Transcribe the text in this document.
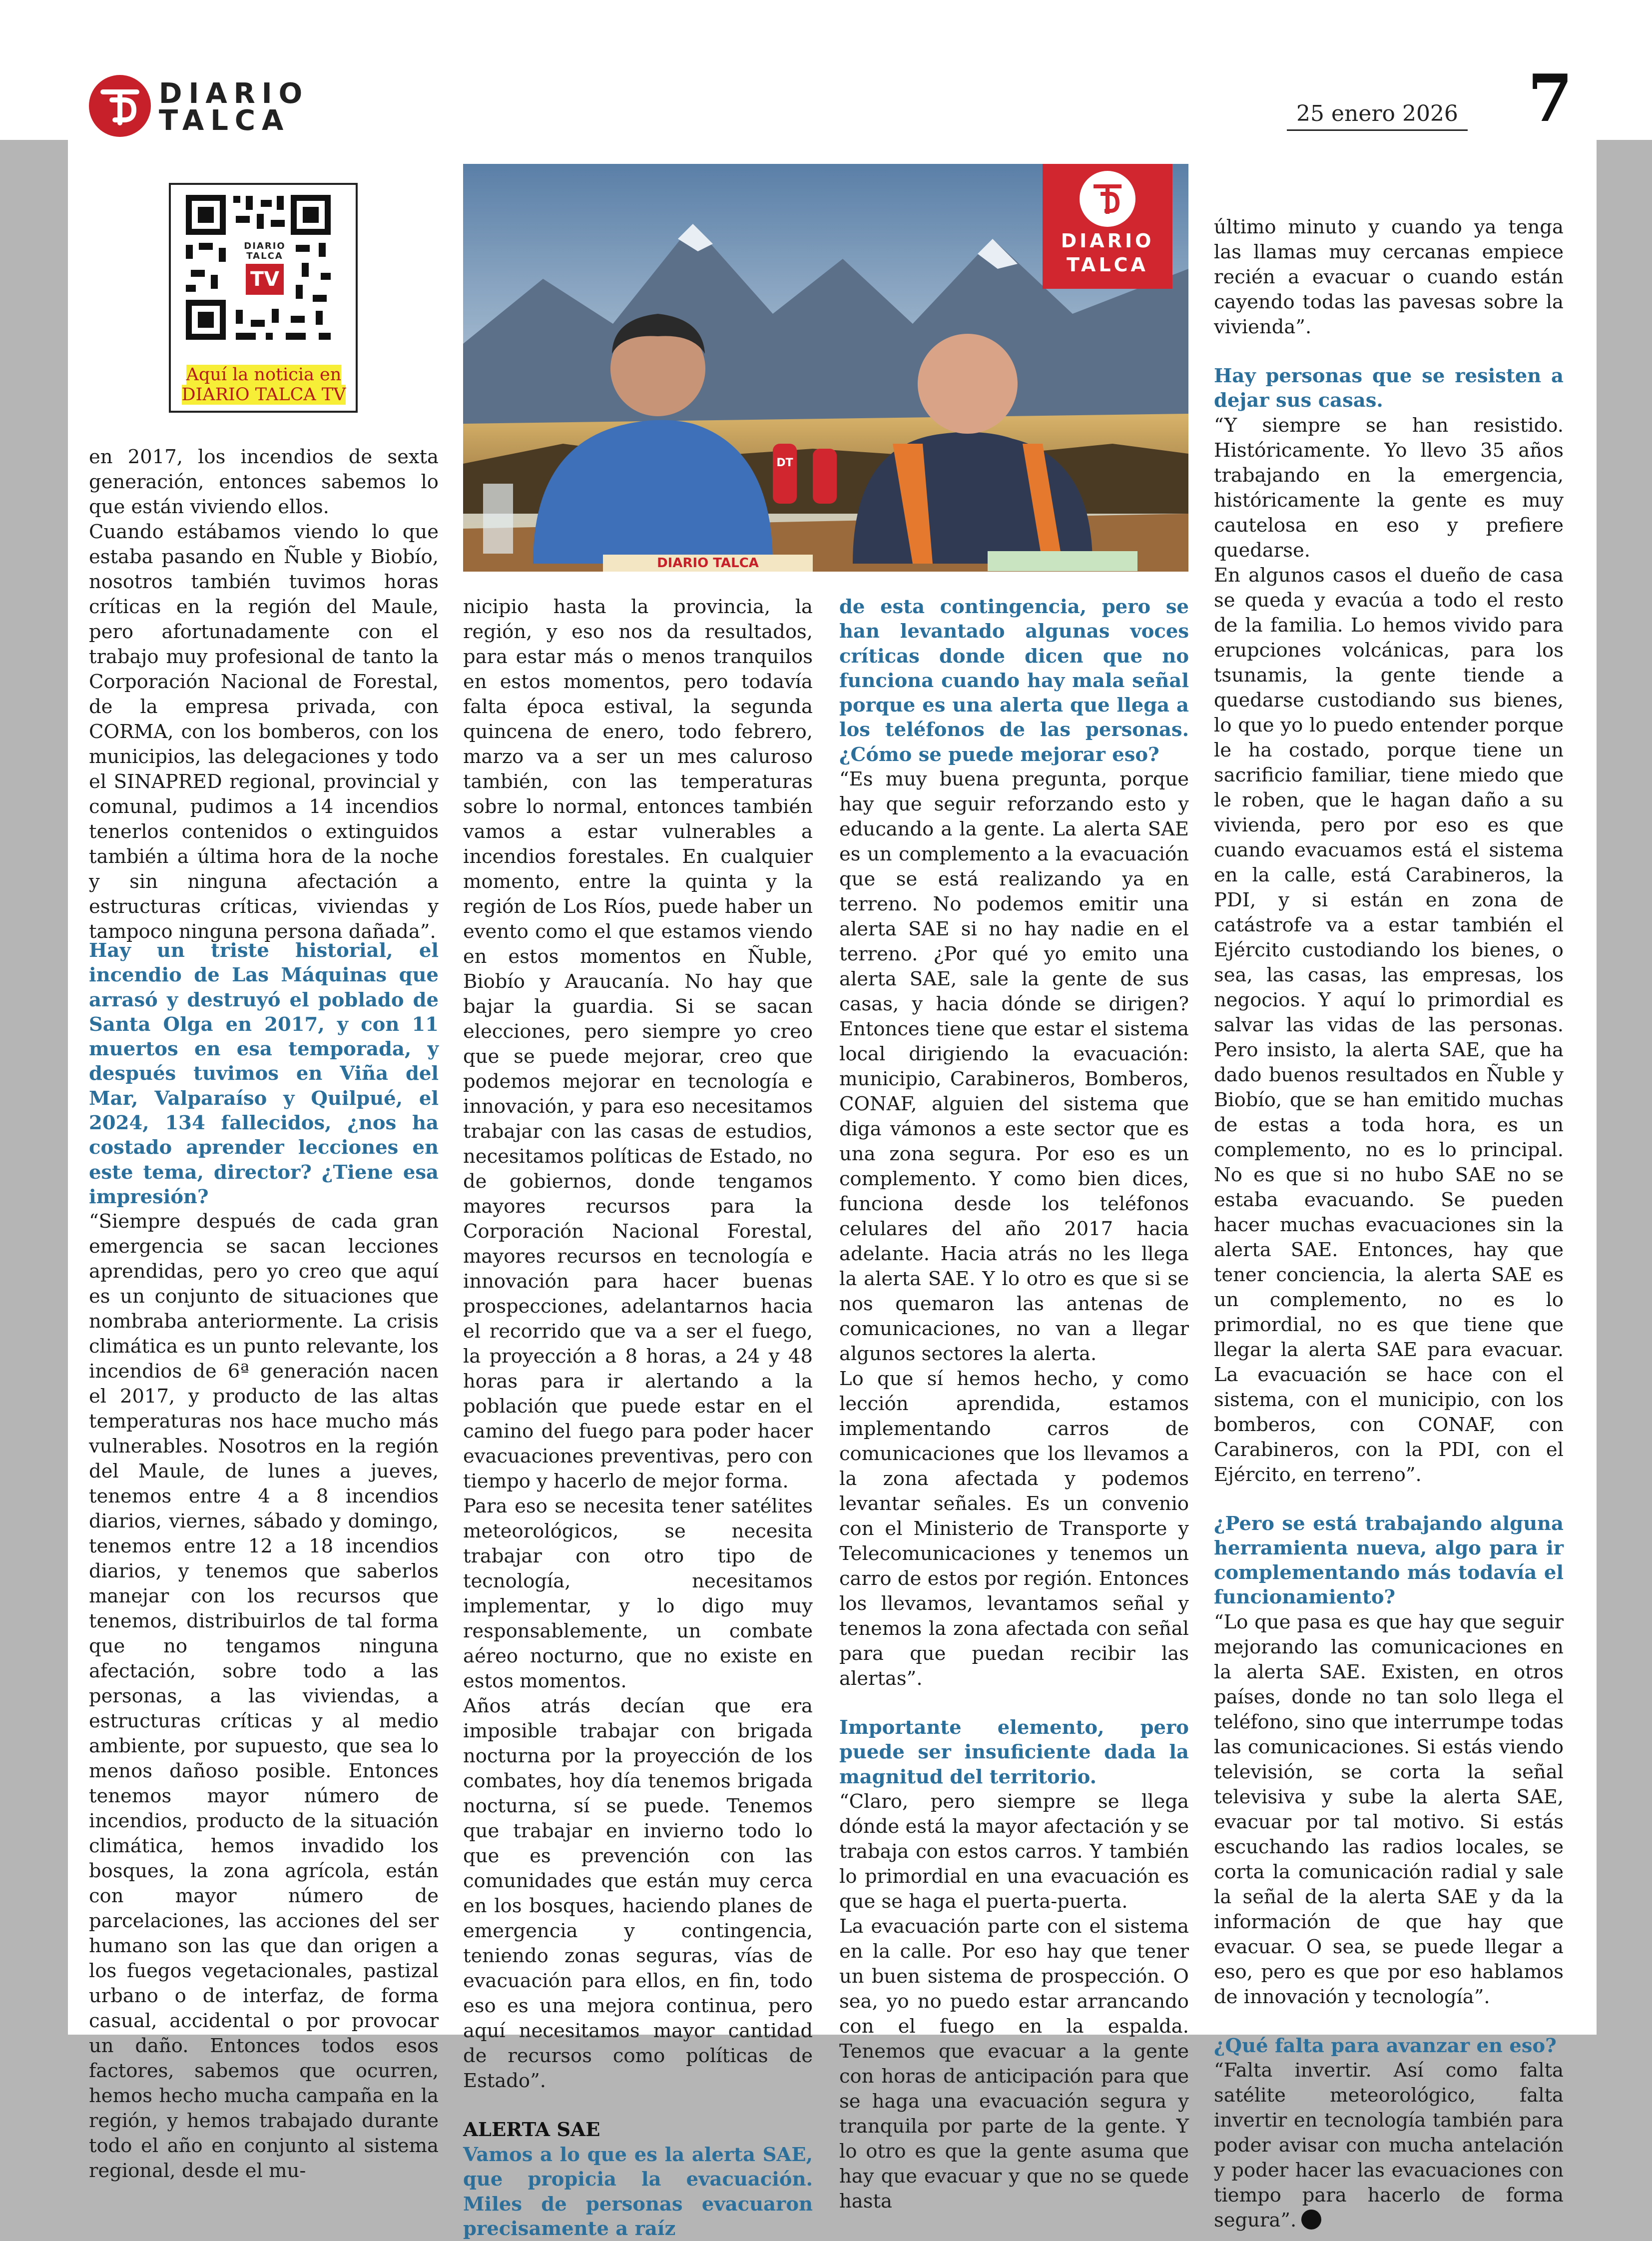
DIARIO
TALCA	25 enero 2026 7
DIARIO
TALCA
TV
Aquí la noticia en
DIARIO TALCA TV
DIARIO
TALCA
DT
DIARIO TALCA

en 2017, los incendios de sexta generación, entonces sabemos lo que están viviendo ellos.

Cuando estábamos viendo lo que estaba pasando en Ñuble y Biobío, nosotros también tuvimos horas críticas en la región del Maule, pero afortunadamente con el trabajo muy profesional de tanto la Corporación Nacional de Forestal, de la empresa privada, con CORMA, con los bomberos, con los municipios, las delegaciones y todo el SINAPRED regional, provincial y comunal, pudimos a 14 incendios tenerlos contenidos o extinguidos también a última hora de la noche y sin ninguna afectación a estructuras críticas, viviendas y tampoco ninguna persona dañada”.

Hay un triste historial, el incendio de Las Máquinas que arrasó y destruyó el poblado de Santa Olga en 2017, y con 11 muertos en esa temporada, y después tuvimos en Viña del Mar, Valparaíso y Quilpué, el 2024, 134 fallecidos, ¿nos ha costado aprender lecciones en este tema, director? ¿Tiene esa impresión?

“Siempre después de cada gran emergencia se sacan lecciones aprendidas, pero yo creo que aquí es un conjunto de situaciones que nombraba anteriormente. La crisis climática es un punto relevante, los incendios de 6ª generación nacen el 2017, y producto de las altas temperaturas nos hace mucho más vulnerables. Nosotros en la región del Maule, de lunes a jueves, tenemos entre 4 a 8 incendios diarios, viernes, sábado y domingo, tenemos entre 12 a 18 incendios diarios, y tenemos que saberlos manejar con los recursos que tenemos, distribuirlos de tal forma que no tengamos ninguna afectación, sobre todo a las personas, a las viviendas, a estructuras críticas y al medio ambiente, por supuesto, que sea lo menos dañoso posible. Entonces tenemos mayor número de incendios, producto de la situación climática, hemos invadido los bosques, la zona agrícola, están con mayor número de parcelaciones, las acciones del ser humano son las que dan origen a los fuegos vegetacionales, pastizal urbano o de interfaz, de forma casual, accidental o por provocar un daño. Entonces todos esos factores, sabemos que ocurren, hemos hecho mucha campaña en la región, y hemos trabajado durante todo el año en conjunto al sistema regional, desde el mu-

nicipio hasta la provincia, la región, y eso nos da resultados, para estar más o menos tranquilos en estos momentos, pero todavía falta época estival, la segunda quincena de enero, todo febrero, marzo va a ser un mes caluroso también, con las temperaturas sobre lo normal, entonces también vamos a estar vulnerables a incendios forestales. En cualquier momento, entre la quinta y la región de Los Ríos, puede haber un evento como el que estamos viendo en estos momentos en Ñuble, Biobío y Araucanía. No hay que bajar la guardia. Si se sacan elecciones, pero siempre yo creo que se puede mejorar, creo que podemos mejorar en tecnología e innovación, y para eso necesitamos trabajar con las casas de estudios, necesitamos políticas de Estado, no de gobiernos, donde tengamos mayores recursos para la Corporación Nacional Forestal, mayores recursos en tecnología e innovación para hacer buenas prospecciones, adelantarnos hacia el recorrido que va a ser el fuego, la proyección a 8 horas, a 24 y 48 horas para ir alertando a la población que puede estar en el camino del fuego para poder hacer evacuaciones preventivas, pero con tiempo y hacerlo de mejor forma.

Para eso se necesita tener satélites meteorológicos, se necesita trabajar con otro tipo de tecnología, necesitamos implementar, y lo digo muy responsablemente, un combate aéreo nocturno, que no existe en estos momentos.

Años atrás decían que era imposible trabajar con brigada nocturna por la proyección de los combates, hoy día tenemos brigada nocturna, sí se puede. Tenemos que trabajar en invierno todo lo que es prevención con las comunidades que están muy cerca en los bosques, haciendo planes de emergencia y contingencia, teniendo zonas seguras, vías de evacuación para ellos, en fin, todo eso es una mejora continua, pero aquí necesitamos mayor cantidad de recursos como políticas de Estado”.

ALERTA SAE

Vamos a lo que es la alerta SAE, que propicia la evacuación. Miles de personas evacuaron precisamente a raíz

de esta contingencia, pero se han levantado algunas voces críticas donde dicen que no funciona cuando hay mala señal porque es una alerta que llega a los teléfonos de las personas. ¿Cómo se puede mejorar eso?

“Es muy buena pregunta, porque hay que seguir reforzando esto y educando a la gente. La alerta SAE es un complemento a la evacuación que se está realizando ya en terreno. No podemos emitir una alerta SAE si no hay nadie en el terreno. ¿Por qué yo emito una alerta SAE, sale la gente de sus casas, y hacia dónde se dirigen? Entonces tiene que estar el sistema local dirigiendo la evacuación: municipio, Carabineros, Bomberos, CONAF, alguien del sistema que diga vámonos a este sector que es una zona segura. Por eso es un complemento. Y como bien dices, funciona desde los teléfonos celulares del año 2017 hacia adelante. Hacia atrás no les llega la alerta SAE. Y lo otro es que si se nos quemaron las antenas de comunicaciones, no van a llegar algunos sectores la alerta.

Lo que sí hemos hecho, y como lección aprendida, estamos implementando carros de comunicaciones que los llevamos a la zona afectada y podemos levantar señales. Es un convenio con el Ministerio de Transporte y Telecomunicaciones y tenemos un carro de estos por región. Entonces los llevamos, levantamos señal y tenemos la zona afectada con señal para que puedan recibir las alertas”.

Importante elemento, pero puede ser insuficiente dada la magnitud del territorio.

“Claro, pero siempre se llega dónde está la mayor afectación y se trabaja con estos carros. Y también lo primordial en una evacuación es que se haga el puerta-puerta.

La evacuación parte con el sistema en la calle. Por eso hay que tener un buen sistema de prospección. O sea, yo no puedo estar arrancando con el fuego en la espalda. Tenemos que evacuar a la gente con horas de anticipación para que se haga una evacuación segura y tranquila por parte de la gente. Y lo otro es que la gente asuma que hay que evacuar y que no se quede hasta

último minuto y cuando ya tenga las llamas muy cercanas empiece recién a evacuar o cuando están cayendo todas las pavesas sobre la vivienda”.

Hay personas que se resisten a dejar sus casas.

“Y siempre se han resistido. Históricamente. Yo llevo 35 años trabajando en la emergencia, históricamente la gente es muy cautelosa en eso y prefiere quedarse.

En algunos casos el dueño de casa se queda y evacúa a todo el resto de la familia. Lo hemos vivido para erupciones volcánicas, para los tsunamis, la gente tiende a quedarse custodiando sus bienes, lo que yo lo puedo entender porque le ha costado, porque tiene un sacrificio familiar, tiene miedo que le roben, que le hagan daño a su vivienda, pero por eso es que cuando evacuamos está el sistema en la calle, está Carabineros, la PDI, y si están en zona de catástrofe va a estar también el Ejército custodiando los bienes, o sea, las casas, las empresas, los negocios. Y aquí lo primordial es salvar las vidas de las personas. Pero insisto, la alerta SAE, que ha dado buenos resultados en Ñuble y Biobío, que se han emitido muchas de estas a toda hora, es un complemento, no es lo principal. No es que si no hubo SAE no se estaba evacuando. Se pueden hacer muchas evacuaciones sin la alerta SAE. Entonces, hay que tener conciencia, la alerta SAE es un complemento, no es lo primordial, no es que tiene que llegar la alerta SAE para evacuar. La evacuación se hace con el sistema, con el municipio, con los bomberos, con CONAF, con Carabineros, con la PDI, con el Ejército, en terreno”.

¿Pero se está trabajando alguna herramienta nueva, algo para ir complementando más todavía el funcionamiento?

“Lo que pasa es que hay que seguir mejorando las comunicaciones en la alerta SAE. Existen, en otros países, donde no tan solo llega el teléfono, sino que interrumpe todas las comunicaciones. Si estás viendo televisión, se corta la señal televisiva y sube la alerta SAE, evacuar por tal motivo. Si estás escuchando las radios locales, se corta la comunicación radial y sale la señal de la alerta SAE y da la información de que hay que evacuar. O sea, se puede llegar a eso, pero es que por eso hablamos de innovación y tecnología”.

¿Qué falta para avanzar en eso?

“Falta invertir. Así como falta satélite meteorológico, falta invertir en tecnología también para poder avisar con mucha antelación y poder hacer las evacuaciones con tiempo para hacerlo de forma segura”.
